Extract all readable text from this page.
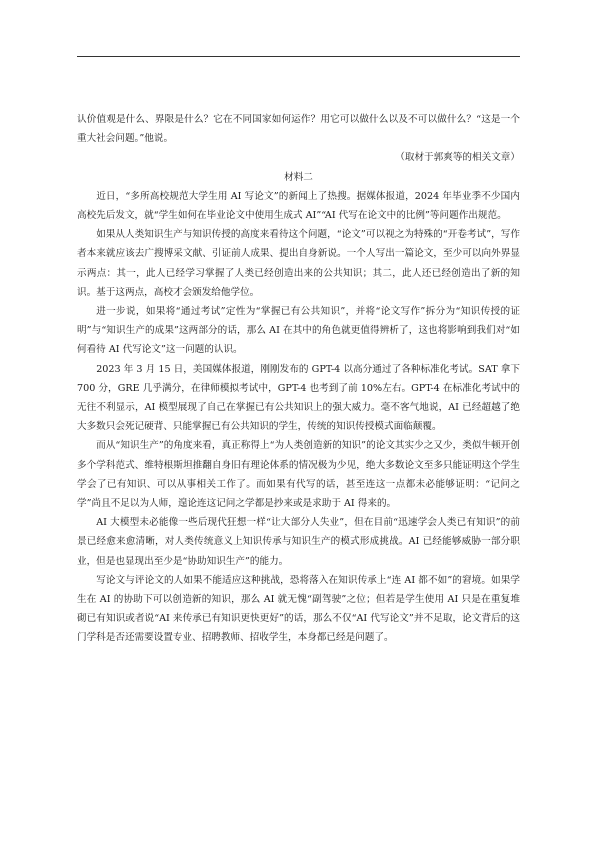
认价值观是什么、界限是什么？它在不同国家如何运作？用它可以做什么以及不可以做什么？“这是一个重大社会问题。”他说。

（取材于郭爽等的相关文章）

材料二

近日，“多所高校规范大学生用 AI 写论文”的新闻上了热搜。据媒体报道，2024 年毕业季不少国内高校先后发文，就“学生如何在毕业论文中使用生成式 AI”“AI 代写在论文中的比例”等问题作出规范。

如果从人类知识生产与知识传授的高度来看待这个问题，“论文”可以视之为特殊的“开卷考试”，写作者本来就应该去广搜博采文献、引证前人成果、提出自身新说。一个人写出一篇论文，至少可以向外界显示两点：其一，此人已经学习掌握了人类已经创造出来的公共知识；其二，此人还已经创造出了新的知识。基于这两点，高校才会颁发给他学位。

进一步说，如果将“通过考试”定性为“掌握已有公共知识”，并将“论文写作”拆分为“知识传授的证明”与“知识生产的成果”这两部分的话，那么 AI 在其中的角色就更值得辨析了，这也将影响到我们对“如何看待 AI 代写论文”这一问题的认识。

2023 年 3 月 15 日，美国媒体报道，刚刚发布的 GPT-4 以高分通过了各种标准化考试。SAT 拿下 700 分，GRE 几乎满分，在律师模拟考试中，GPT-4 也考到了前 10%左右。GPT-4 在标准化考试中的无往不利显示，AI 模型展现了自己在掌握已有公共知识上的强大威力。毫不客气地说，AI 已经超越了绝大多数只会死记硬背、只能掌握已有公共知识的学生，传统的知识传授模式面临颠覆。

而从“知识生产”的角度来看，真正称得上“为人类创造新的知识”的论文其实少之又少，类似牛顿开创多个学科范式、维特根斯坦推翻自身旧有理论体系的情况极为少见，绝大多数论文至多只能证明这个学生学会了已有知识、可以从事相关工作了。而如果有代写的话，甚至连这一点都未必能够证明：“记问之学”尚且不足以为人师，遑论连这记问之学都是抄来或是求助于 AI 得来的。

AI 大模型未必能像一些后现代狂想一样“让大部分人失业”，但在目前“迅速学会人类已有知识”的前景已经愈来愈清晰，对人类传统意义上知识传承与知识生产的模式形成挑战。AI 已经能够威胁一部分职业，但是也显现出至少是“协助知识生产”的能力。

写论文与评论文的人如果不能适应这种挑战，恐将落入在知识传承上“连 AI 都不如”的窘境。如果学生在 AI 的协助下可以创造新的知识，那么 AI 就无愧“副驾驶”之位；但若是学生使用 AI 只是在重复堆砌已有知识或者说“AI 来传承已有知识更快更好”的话，那么不仅“AI 代写论文”并不足取，论文背后的这门学科是否还需要设置专业、招聘教师、招收学生，本身都已经是问题了。
